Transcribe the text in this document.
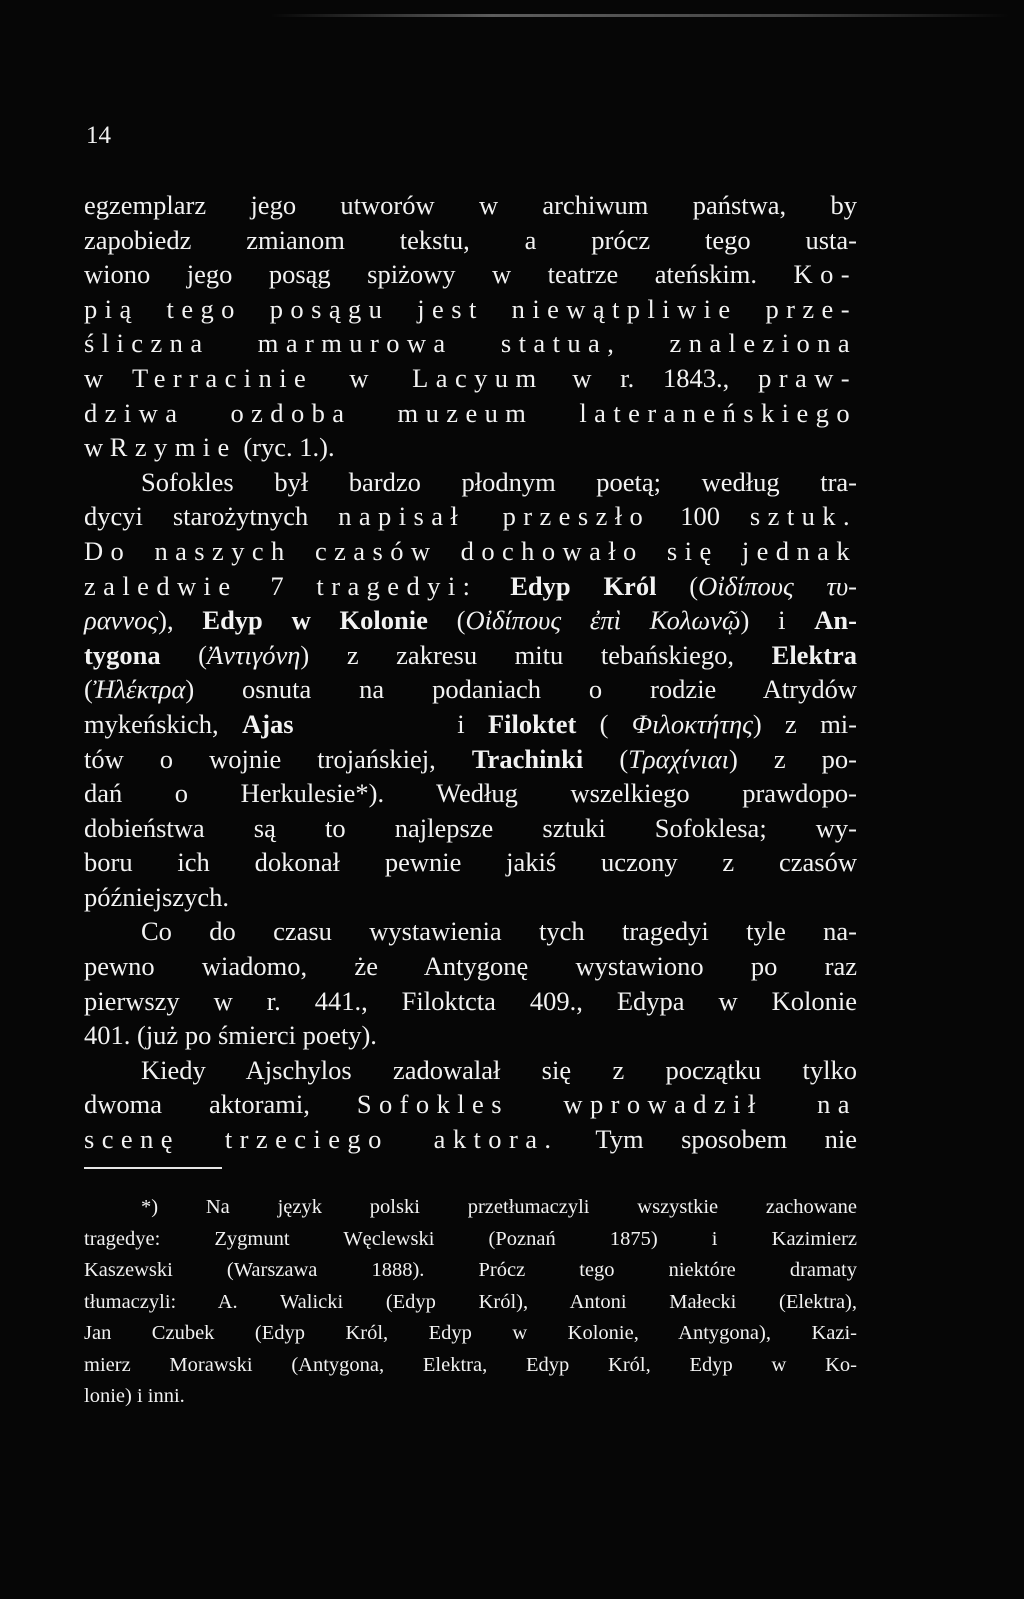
14
egzemplarz jego utworów w archiwum państwa, by
zapobiedz zmianom tekstu, a prócz tego usta-
wiono jego posąg spiżowy w teatrze ateńskim. Ko-
pią tego posągu jest niewątpliwie prze-
śliczna marmurowa statua, znaleziona
w Terracinie w Lacyum w r. 1843., praw-
dziwa ozdoba muzeum lateraneńskiego
w Rzymie (ryc. 1.).
Sofokles był bardzo płodnym poetą; według tra-
dycyi starożytnych napisał przeszło 100 sztuk.
Do naszych czasów dochowało się jednak
zaledwie 7 tragedyi: Edyp Król (Οἰδίπους τυ-
ραννος), Edyp w Kolonie (Οἰδίπους ἐπὶ Κολωνῷ) i An-
tygona (Ἀντιγόνη) z zakresu mitu tebańskiego, Elektra
(Ἠλέκτρα) osnuta na podaniach o rodzie Atrydów
mykeńskich, Ajas       i Filoktet ( Φιλοκτήτης) z mi-
tów o wojnie trojańskiej, Trachinki (Τραχίνιαι) z po-
dań o Herkulesie*). Według wszelkiego prawdopo-
dobieństwa są to najlepsze sztuki Sofoklesa; wy-
boru ich dokonał pewnie jakiś uczony z czasów
późniejszych.
Co do czasu wystawienia tych tragedyi tyle na-
pewno wiadomo, że Antygonę wystawiono po raz
pierwszy w r. 441., Filoktcta 409., Edypa w Kolonie
401. (już po śmierci poety).
Kiedy Ajschylos zadowalał się z początku tylko
dwoma aktorami, Sofokles wprowadził na
scenę trzeciego aktora. Tym sposobem nie
*) Na język polski przetłumaczyli wszystkie zachowane
tragedye: Zygmunt Węclewski (Poznań 1875) i Kazimierz
Kaszewski (Warszawa 1888). Prócz tego niektóre dramaty
tłumaczyli: A. Walicki (Edyp Król), Antoni Małecki (Elektra),
Jan Czubek (Edyp Król, Edyp w Kolonie, Antygona), Kazi-
mierz Morawski (Antygona, Elektra, Edyp Król, Edyp w Ko-
lonie) i inni.
